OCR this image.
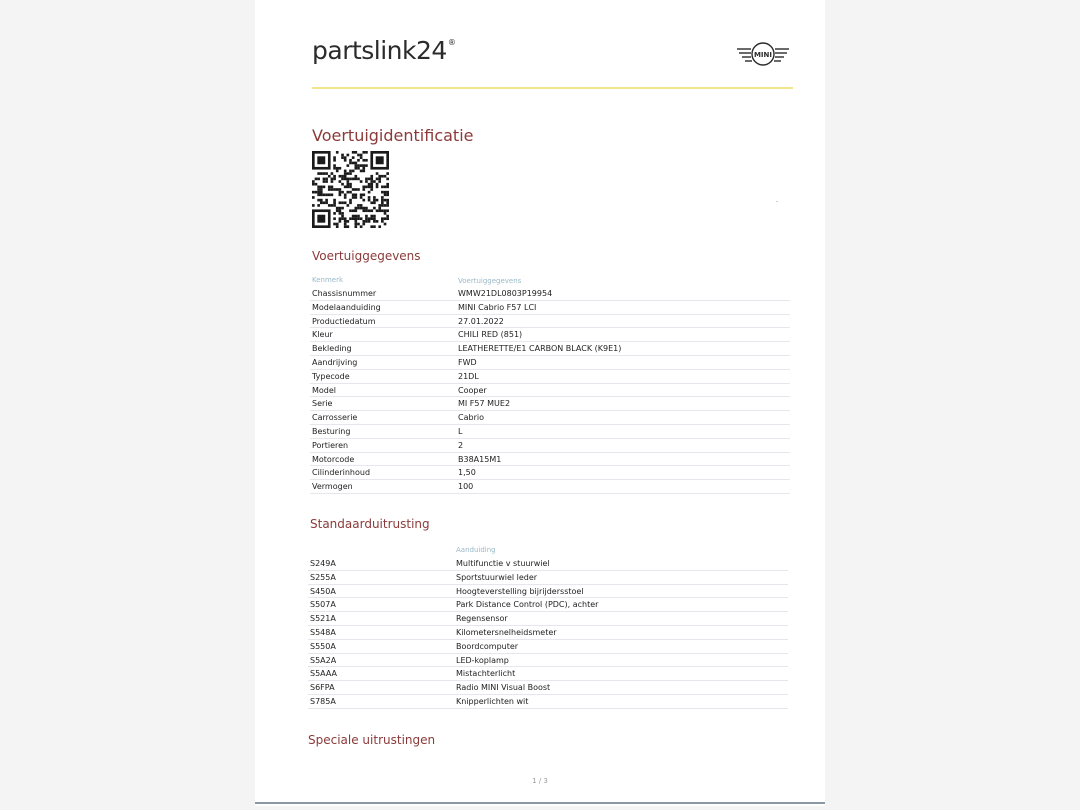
partslink24®
MINI
Voertuigidentificatie
Voertuiggegevens
Kenmerk	Voertuiggegevens
Chassisnummer	WMW21DL0803P19954
Modelaanduiding	MINI Cabrio F57 LCI
Productiedatum	27.01.2022
Kleur	CHILI RED (851)
Bekleding	LEATHERETTE/E1 CARBON BLACK (K9E1)
Aandrijving	FWD
Typecode	21DL
Model	Cooper
Serie	MI F57 MUE2
Carrosserie	Cabrio
Besturing	L
Portieren	2
Motorcode	B38A15M1
Cilinderinhoud	1,50
Vermogen	100
Standaarduitrusting
Aanduiding
S249A	Multifunctie v stuurwiel
S255A	Sportstuurwiel leder
S450A	Hoogteverstelling bijrijdersstoel
S507A	Park Distance Control (PDC), achter
S521A	Regensensor
S548A	Kilometersnelheidsmeter
S550A	Boordcomputer
S5A2A	LED-koplamp
S5AAA	Mistachterlicht
S6FPA	Radio MINI Visual Boost
S785A	Knipperlichten wit
Speciale uitrustingen
1 / 3
